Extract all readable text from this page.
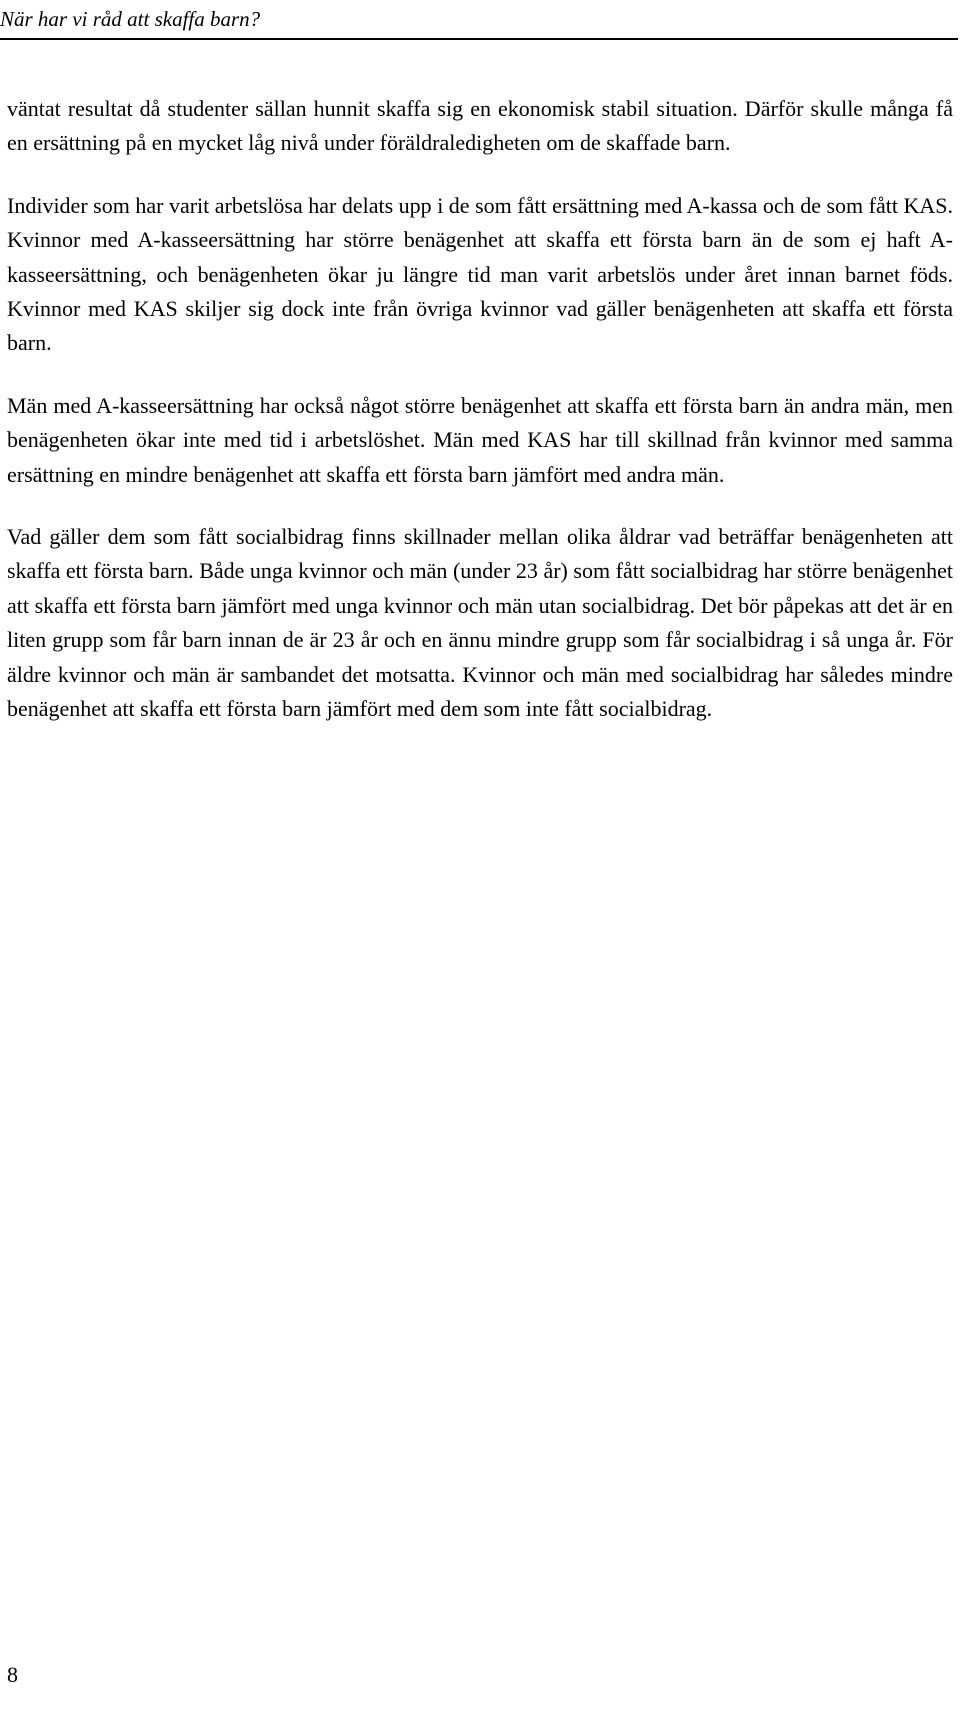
När har vi råd att skaffa barn?

väntat resultat då studenter sällan hunnit skaffa sig en ekonomisk stabil situation. Därför skulle många få en ersättning på en mycket låg nivå under föräldraledigheten om de skaffade barn.

Individer som har varit arbetslösa har delats upp i de som fått ersättning med A-kassa och de som fått KAS. Kvinnor med A-kasseersättning har större benägenhet att skaffa ett första barn än de som ej haft A-kasseersättning, och benägenheten ökar ju längre tid man varit arbetslös under året innan barnet föds. Kvinnor med KAS skiljer sig dock inte från övriga kvinnor vad gäller benägenheten att skaffa ett första barn.

Män med A-kasseersättning har också något större benägenhet att skaffa ett första barn än andra män, men benägenheten ökar inte med tid i arbetslöshet. Män med KAS har till skillnad från kvinnor med samma ersättning en mindre benägenhet att skaffa ett första barn jämfört med andra män.

Vad gäller dem som fått socialbidrag finns skillnader mellan olika åldrar vad beträffar benägenheten att skaffa ett första barn. Både unga kvinnor och män (under 23 år) som fått socialbidrag har större benägenhet att skaffa ett första barn jämfört med unga kvinnor och män utan socialbidrag. Det bör påpekas att det är en liten grupp som får barn innan de är 23 år och en ännu mindre grupp som får socialbidrag i så unga år. För äldre kvinnor och män är sambandet det motsatta. Kvinnor och män med socialbidrag har således mindre benägenhet att skaffa ett första barn jämfört med dem som inte fått socialbidrag.

8
